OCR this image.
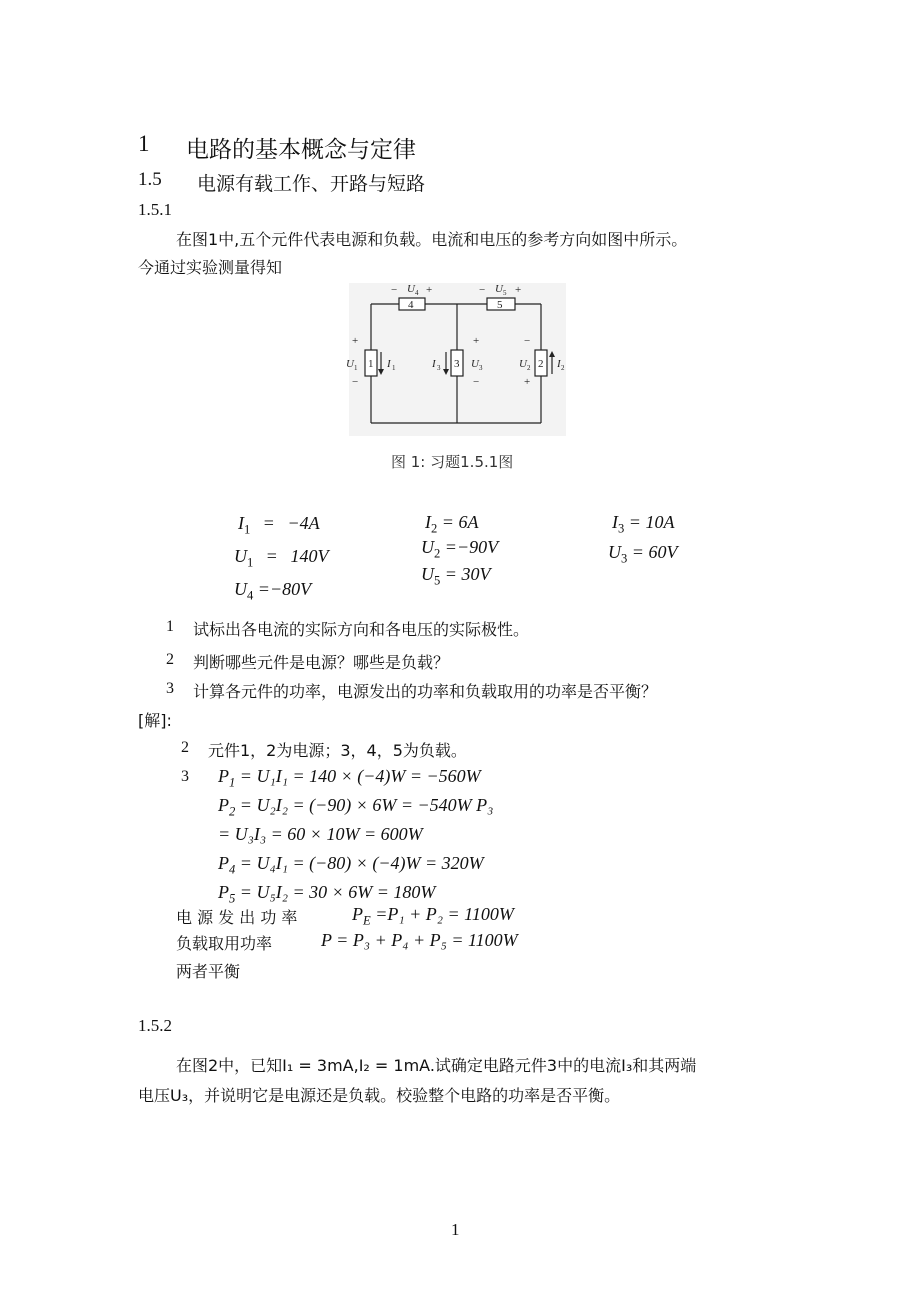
1 电路的基本概念与定律
1.5 电源有载工作、开路与短路
1.5.1
在图1中,五个元件代表电源和负载。电流和电压的参考方向如图中所示。
今通过实验测量得知
4	5
1	3	2
− U 4 +	− U 5 +
+
U 1
−
I 1
+
U 3
−
I 3
−
U 2
+
I 2
图 1: 习题1.5.1图
$I_1 = -4A$
$U_1 = 140V$
$U_4 =-80V$
$I_2 = 6A$
$U_2 =-90V$
$U_5 = 30V$
$I_3 = 10A$
$U_3 = 60V$
1 试标出各电流的实际方向和各电压的实际极性。
2 判断哪些元件是电源？哪些是负载？
3 计算各元件的功率，电源发出的功率和负载取用的功率是否平衡？
[解]:
2 元件1，2为电源；3，4，5为负载。
3 $P_1 = U_1I_1 = 140 \times (-4)W = -560W$
$P_2 = U_2I_2 = (-90) \times 6W = -540W$ P₃
= U₃I₃ = 60 × 10W = 600W
$P_4 = U_4I_1 = (-80) \times (-4)W = 320W$
$P_5 = U_5I_2 = 30 \times 6W = 180W$
电 源 发 出 功 率	$P_E =P_1 + P_2 = 1100W$
负载取用功率	P = P₃ + P₄ + P₅ = 1100W
两者平衡
1.5.2
在图2中，已知I₁ = 3mA,I₂ = 1mA.试确定电路元件3中的电流I₃和其两端
电压U₃，并说明它是电源还是负载。校验整个电路的功率是否平衡。
1
